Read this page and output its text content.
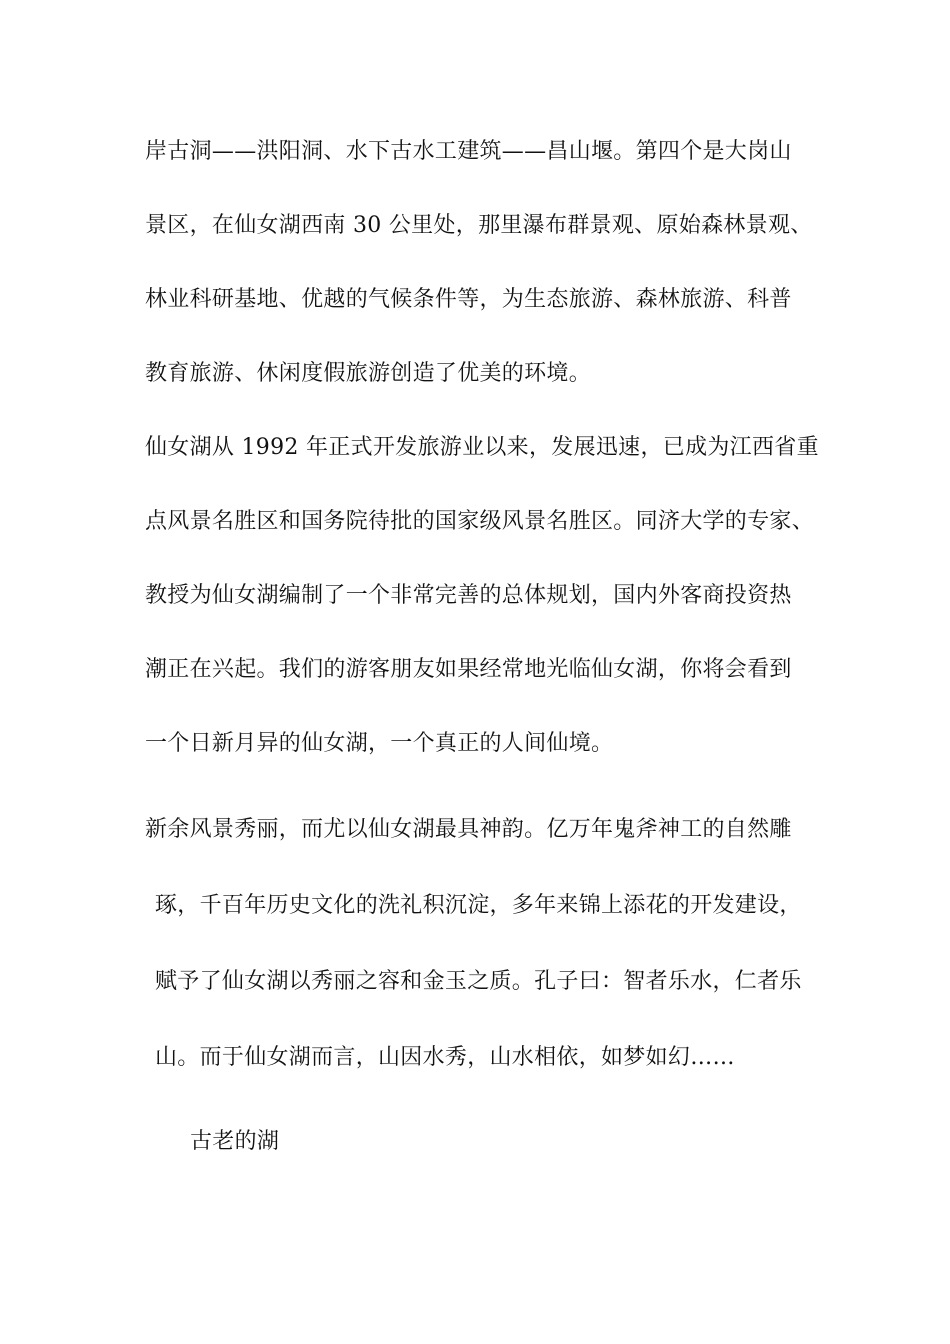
岸古洞——洪阳洞、水下古水工建筑——昌山堰。第四个是大岗山
景区，在仙女湖西南 30 公里处，那里瀑布群景观、原始森林景观、
林业科研基地、优越的气候条件等，为生态旅游、森林旅游、科普
教育旅游、休闲度假旅游创造了优美的环境。
仙女湖从 1992 年正式开发旅游业以来，发展迅速，已成为江西省重
点风景名胜区和国务院待批的国家级风景名胜区。同济大学的专家、
教授为仙女湖编制了一个非常完善的总体规划，国内外客商投资热
潮正在兴起。我们的游客朋友如果经常地光临仙女湖，你将会看到
一个日新月异的仙女湖，一个真正的人间仙境。
新余风景秀丽，而尤以仙女湖最具神韵。亿万年鬼斧神工的自然雕
琢，千百年历史文化的洗礼积沉淀，多年来锦上添花的开发建设，
赋予了仙女湖以秀丽之容和金玉之质。孔子曰：智者乐水，仁者乐
山。而于仙女湖而言，山因水秀，山水相依，如梦如幻……
古老的湖
